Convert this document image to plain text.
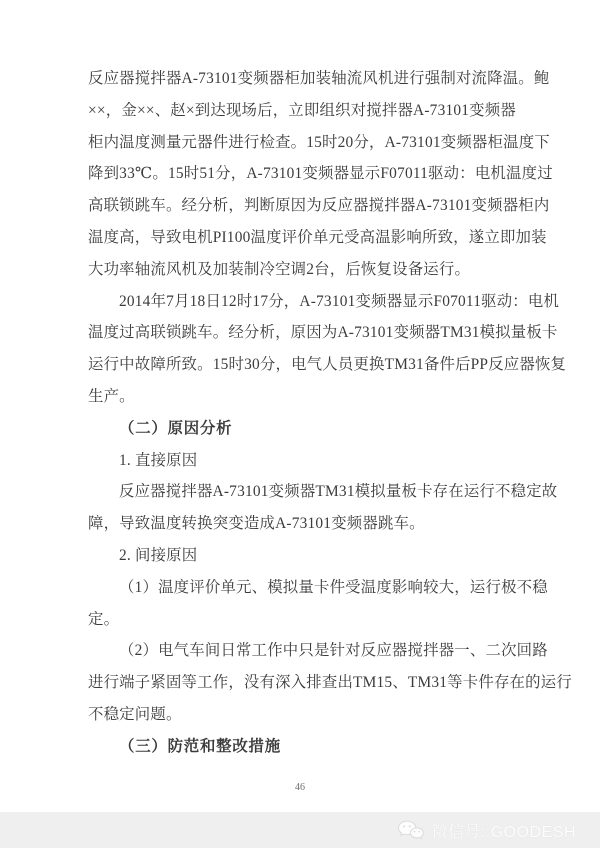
反应器搅拌器A-73101变频器柜加装轴流风机进行强制对流降温。鲍
××，金××、赵×到达现场后，立即组织对搅拌器A-73101变频器
柜内温度测量元器件进行检查。15时20分，A-73101变频器柜温度下
降到33℃。15时51分，A-73101变频器显示F07011驱动：电机温度过
高联锁跳车。经分析，判断原因为反应器搅拌器A-73101变频器柜内
温度高，导致电机PI100温度评价单元受高温影响所致，遂立即加装
大功率轴流风机及加装制冷空调2台，后恢复设备运行。
2014年7月18日12时17分，A-73101变频器显示F07011驱动：电机
温度过高联锁跳车。经分析，原因为A-73101变频器TM31模拟量板卡
运行中故障所致。15时30分，电气人员更换TM31备件后PP反应器恢复
生产。
（二）原因分析
1. 直接原因
反应器搅拌器A-73101变频器TM31模拟量板卡存在运行不稳定故
障，导致温度转换突变造成A-73101变频器跳车。
2. 间接原因
（1）温度评价单元、模拟量卡件受温度影响较大，运行极不稳
定。
（2）电气车间日常工作中只是针对反应器搅拌器一、二次回路
进行端子紧固等工作，没有深入排查出TM15、TM31等卡件存在的运行
不稳定问题。
（三）防范和整改措施
46
微信号: GOODESH
